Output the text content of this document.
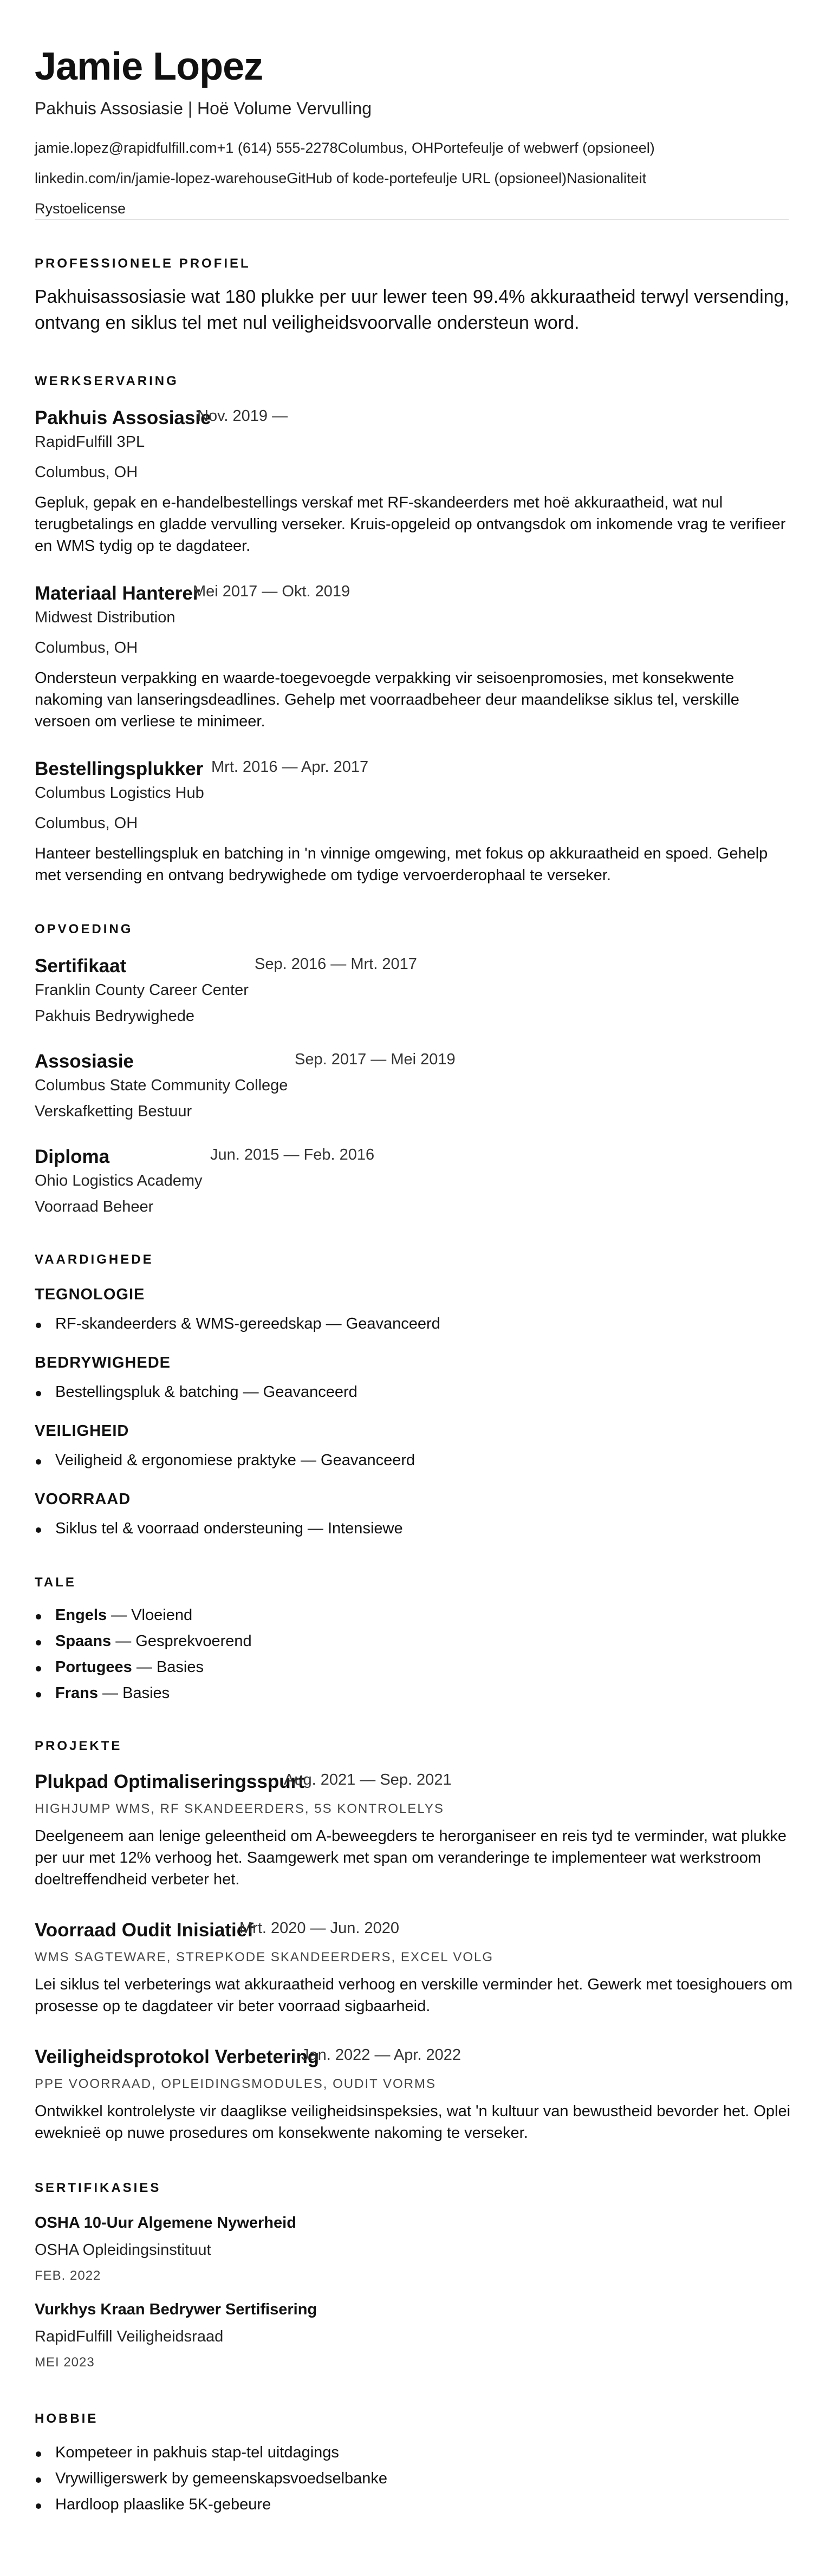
Jamie Lopez
Pakhuis Assosiasie | Hoë Volume Vervulling
jamie.lopez@rapidfulfill.com+1 (614) 555-2278Columbus, OHPortefeulje of webwerf (opsioneel)
linkedin.com/in/jamie-lopez-warehouseGitHub of kode-portefeulje URL (opsioneel)Nasionaliteit
Rystoelicense
PROFESSIONELE PROFIEL
Pakhuisassosiasie wat 180 plukke per uur lewer teen 99.4% akkuraatheid terwyl versending, ontvang en siklus tel met nul veiligheidsvoorvalle ondersteun word.
WERKSERVARING
Pakhuis Assosiasie
Nov. 2019 —
RapidFulfill 3PL
Columbus, OH
Gepluk, gepak en e-handelbestellings verskaf met RF-skandeerders met hoë akkuraatheid, wat nul terugbetalings en gladde vervulling verseker. Kruis-opgeleid op ontvangsdok om inkomende vrag te verifieer en WMS tydig op te dagdateer.
Materiaal Hanterer
Mei 2017 — Okt. 2019
Midwest Distribution
Columbus, OH
Ondersteun verpakking en waarde-toegevoegde verpakking vir seisoenpromosies, met konsekwente nakoming van lanseringsdeadlines. Gehelp met voorraadbeheer deur maandelikse siklus tel, verskille versoen om verliese te minimeer.
Bestellingsplukker Mrt. 2016 — Apr. 2017
Columbus Logistics Hub
Columbus, OH
Hanteer bestellingspluk en batching in 'n vinnige omgewing, met fokus op akkuraatheid en spoed. Gehelp met versending en ontvang bedrywighede om tydige vervoerderophaal te verseker.
OPVOEDING
Sertifikaat	Sep. 2016 — Mrt. 2017
Franklin County Career Center
Pakhuis Bedrywighede
Assosiasie	Sep. 2017 — Mei 2019
Columbus State Community College
Verskafketting Bestuur
Diploma	Jun. 2015 — Feb. 2016
Ohio Logistics Academy
Voorraad Beheer
VAARDIGHEDE
TEGNOLOGIE
RF-skandeerders & WMS-gereedskap — Geavanceerd
BEDRYWIGHEDE
Bestellingspluk & batching — Geavanceerd
VEILIGHEID
Veiligheid & ergonomiese praktyke — Geavanceerd
VOORRAAD
Siklus tel & voorraad ondersteuning — Intensiewe
TALE
Engels — Vloeiend
Spaans — Gesprekvoerend
Portugees — Basies
Frans — Basies
PROJEKTE
Plukpad Optimaliseringsspurt
Aug. 2021 — Sep. 2021
HIGHJUMP WMS, RF SKANDEERDERS, 5S KONTROLELYS
Deelgeneem aan lenige geleentheid om A-beweegders te herorganiseer en reis tyd te verminder, wat plukke per uur met 12% verhoog het. Saamgewerk met span om veranderinge te implementeer wat werkstroom doeltreffendheid verbeter het.
Voorraad Oudit Inisiatief
Mrt. 2020 — Jun. 2020
WMS SAGTEWARE, STREPKODE SKANDEERDERS, EXCEL VOLG
Lei siklus tel verbeterings wat akkuraatheid verhoog en verskille verminder het. Gewerk met toesighouers om prosesse op te dagdateer vir beter voorraad sigbaarheid.
Veiligheidsprotokol Verbetering
Jan. 2022 — Apr. 2022
PPE VOORRAAD, OPLEIDINGSMODULES, OUDIT VORMS
Ontwikkel kontrolelyste vir daaglikse veiligheidsinspeksies, wat 'n kultuur van bewustheid bevorder het. Oplei eweknieë op nuwe prosedures om konsekwente nakoming te verseker.
SERTIFIKASIES
OSHA 10-Uur Algemene Nywerheid
OSHA Opleidingsinstituut
FEB. 2022
Vurkhys Kraan Bedrywer Sertifisering
RapidFulfill Veiligheidsraad
MEI 2023
HOBBIE
Kompeteer in pakhuis stap-tel uitdagings
Vrywilligerswerk by gemeenskapsvoedselbanke
Hardloop plaaslike 5K-gebeure
